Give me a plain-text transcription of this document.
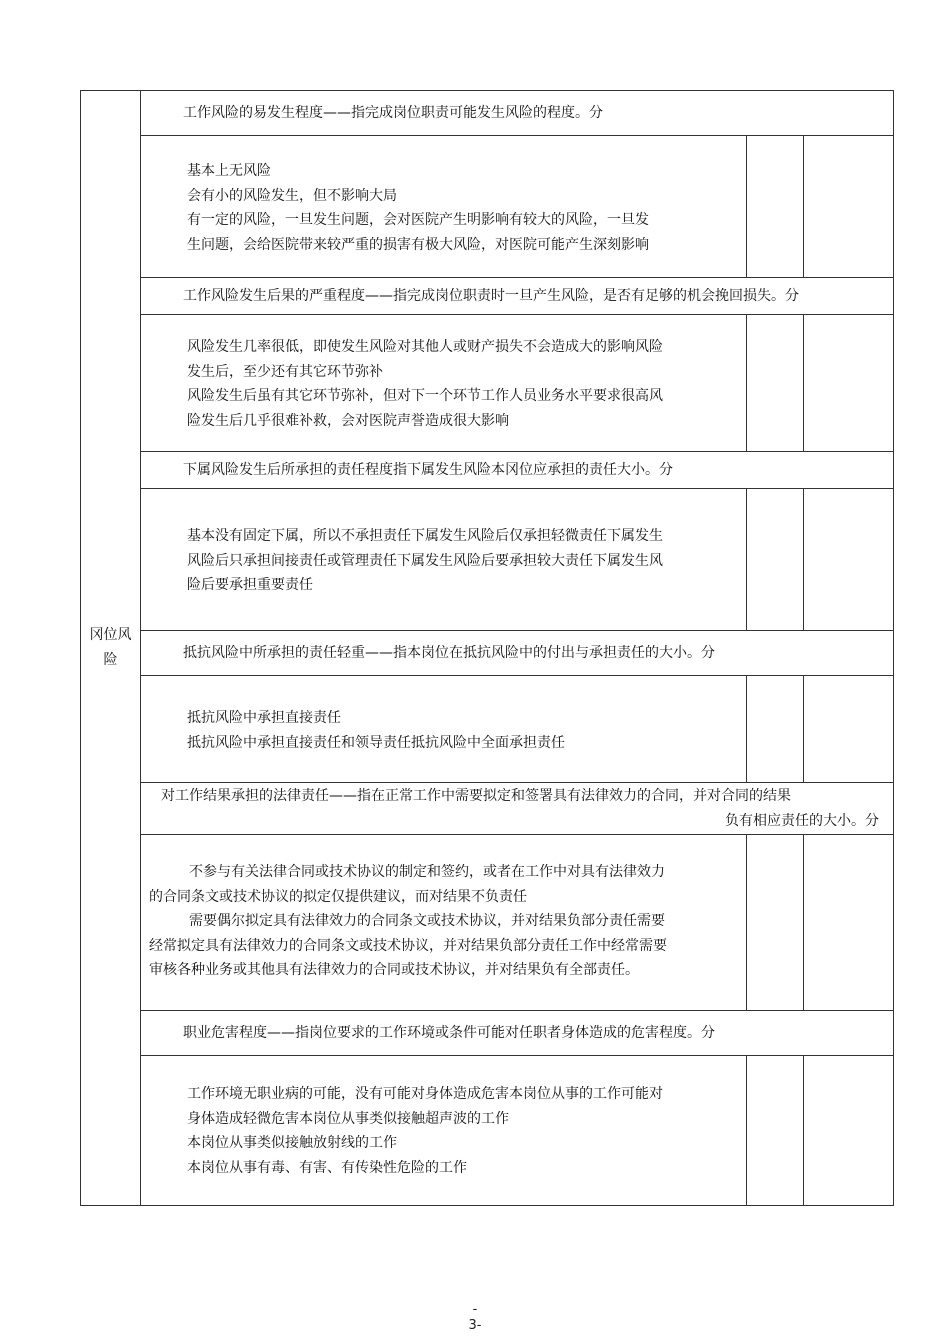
冈位风
险	工作风险的易发生程度——指完成岗位职责可能发生风险的程度。分		

	基本上无风险
会有小的风险发生，但不影响大局
有一定的风险，一旦发生问题，会对医院产生明影响有较大的风险，一旦发
生问题，会给医院带来较严重的损害有极大风险，对医院可能产生深刻影响		

	工作风险发生后果的严重程度——指完成岗位职责时一旦产生风险，是否有足够的机会挽回损失。分		

	风险发生几率很低，即使发生风险对其他人或财产损失不会造成大的影响风险
发生后，至少还有其它环节弥补
风险发生后虽有其它环节弥补，但对下一个环节工作人员业务水平要求很高风
险发生后几乎很难补救，会对医院声誉造成很大影响		

	下属风险发生后所承担的责任程度指下属发生风险本冈位应承担的责任大小。分		

	基本没有固定下属，所以不承担责任下属发生风险后仅承担轻微责任下属发生
风险后只承担间接责任或管理责任下属发生风险后要承担较大责任下属发生风
险后要承担重要责任		

	抵抗风险中所承担的责任轻重——指本岗位在抵抗风险中的付出与承担责任的大小。分		

	抵抗风险中承担直接责任
抵抗风险中承担直接责任和领导责任抵抗风险中全面承担责任		

	对工作结果承担的法律责任——指在正常工作中需要拟定和签署具有法律效力的合同，并对合同的结果
负有相应责任的大小。分		

	不参与有关法律合同或技术协议的制定和签约，或者在工作中对具有法律效力
的合同条文或技术协议的拟定仅提供建议，而对结果不负责任
需要偶尔拟定具有法律效力的合同条文或技术协议，并对结果负部分责任需要
经常拟定具有法律效力的合同条文或技术协议，并对结果负部分责任工作中经常需要
审核各种业务或其他具有法律效力的合同或技术协议，并对结果负有全部责任。		

	职业危害程度——指岗位要求的工作环境或条件可能对任职者身体造成的危害程度。分		

	工作环境无职业病的可能，没有可能对身体造成危害本岗位从事的工作可能对
身体造成轻微危害本岗位从事类似接触超声波的工作
本岗位从事类似接触放射线的工作
本岗位从事有毒、有害、有传染性危险的工作		

-
3-
